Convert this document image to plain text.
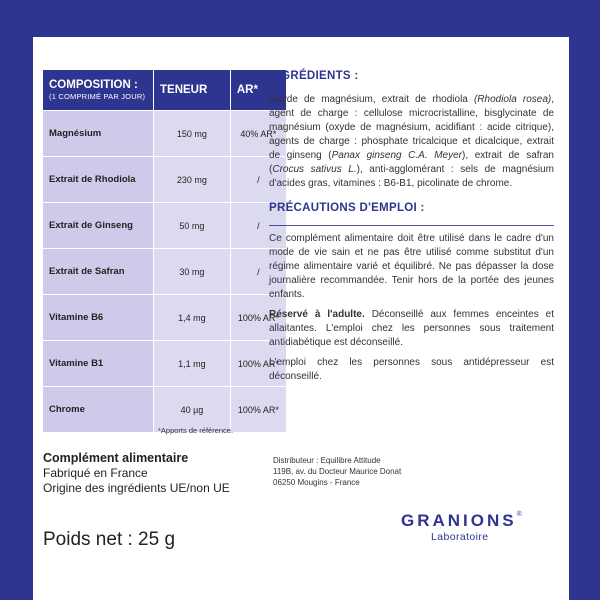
COMPOSITION :
(1 COMPRIMÉ PAR JOUR)	TENEUR	AR*
Magnésium	150 mg	40% AR*
Extrait de Rhodiola	230 mg	/
Extrait de Ginseng	50 mg	/
Extrait de Safran	30 mg	/
Vitamine B6	1,4 mg	100% AR*
Vitamine B1	1,1 mg	100% AR*
Chrome	40 µg	100% AR*
*Apports de référence.
INGRÉDIENTS :

Oxyde de magnésium, extrait de rhodiola (Rhodiola rosea), agent de charge : cellulose microcristalline, bisglycinate de magnésium (oxyde de magnésium, acidifiant : acide citrique), agents de charge : phosphate tricalcique et dicalcique, extrait de ginseng (Panax ginseng C.A. Meyer), extrait de safran (Crocus sativus L.), anti-agglomérant : sels de magnésium d'acides gras, vitamines : B6-B1, picolinate de chrome.

PRÉCAUTIONS D'EMPLOI :

Ce complément alimentaire doit être utilisé dans le cadre d'un mode de vie sain et ne pas être utilisé comme substitut d'un régime alimentaire varié et équilibré. Ne pas dépasser la dose journalière recommandée. Tenir hors de la portée des jeunes enfants.

Réservé à l'adulte. Déconseillé aux femmes enceintes et allaitantes. L'emploi chez les personnes sous traitement antidiabétique est déconseillé.

L'emploi chez les personnes sous antidépresseur est déconseillé.

Complément alimentaire
Fabriqué en France
Origine des ingrédients UE/non UE
Poids net : 25 g
Distributeur : Equilibre Attitude
119B, av. du Docteur Maurice Donat
06250 Mougins - France
GRANIONS®
Laboratoire
